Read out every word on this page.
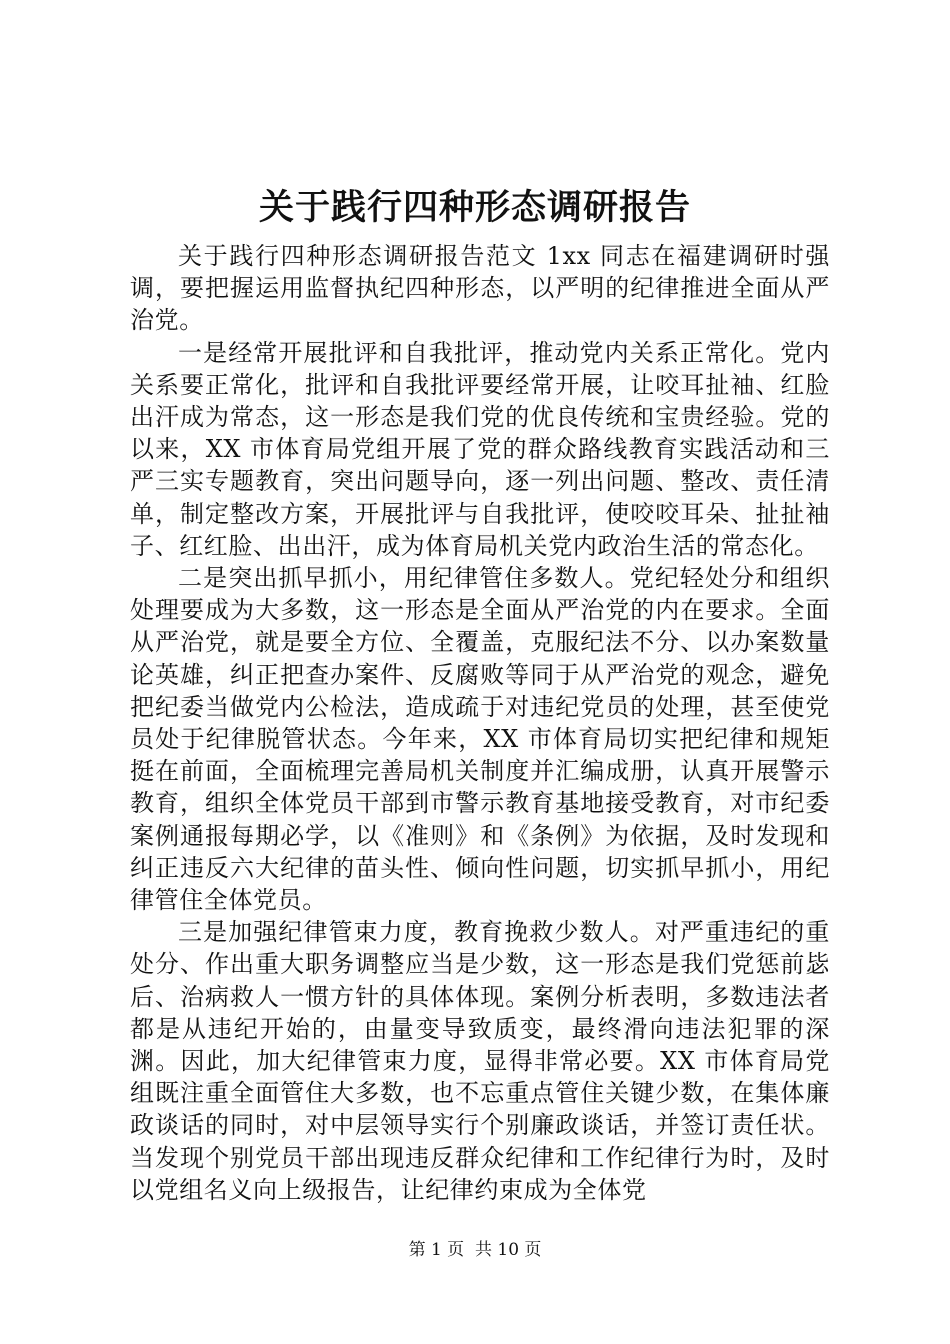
关于践行四种形态调研报告

关于践行四种形态调研报告范文 1xx 同志在福建调研时强调，要把握运用监督执纪四种形态，以严明的纪律推进全面从严治党。

一是经常开展批评和自我批评，推动党内关系正常化。党内关系要正常化，批评和自我批评要经常开展，让咬耳扯袖、红脸出汗成为常态，这一形态是我们党的优良传统和宝贵经验。党的以来，XX 市体育局党组开展了党的群众路线教育实践活动和三严三实专题教育，突出问题导向，逐一列出问题、整改、责任清单，制定整改方案，开展批评与自我批评，使咬咬耳朵、扯扯袖子、红红脸、出出汗，成为体育局机关党内政治生活的常态化。

二是突出抓早抓小，用纪律管住多数人。党纪轻处分和组织处理要成为大多数，这一形态是全面从严治党的内在要求。全面从严治党，就是要全方位、全覆盖，克服纪法不分、以办案数量论英雄，纠正把查办案件、反腐败等同于从严治党的观念，避免把纪委当做党内公检法，造成疏于对违纪党员的处理，甚至使党员处于纪律脱管状态。今年来，XX 市体育局切实把纪律和规矩挺在前面，全面梳理完善局机关制度并汇编成册，认真开展警示教育，组织全体党员干部到市警示教育基地接受教育，对市纪委案例通报每期必学，以《准则》和《条例》为依据，及时发现和纠正违反六大纪律的苗头性、倾向性问题，切实抓早抓小，用纪律管住全体党员。

三是加强纪律管束力度，教育挽救少数人。对严重违纪的重处分、作出重大职务调整应当是少数，这一形态是我们党惩前毖后、治病救人一惯方针的具体体现。案例分析表明，多数违法者都是从违纪开始的，由量变导致质变，最终滑向违法犯罪的深渊。因此，加大纪律管束力度，显得非常必要。XX 市体育局党组既注重全面管住大多数，也不忘重点管住关键少数，在集体廉政谈话的同时，对中层领导实行个别廉政谈话，并签订责任状。当发现个别党员干部出现违反群众纪律和工作纪律行为时，及时以党组名义向上级报告，让纪律约束成为全体党

第 1 页  共 10 页
